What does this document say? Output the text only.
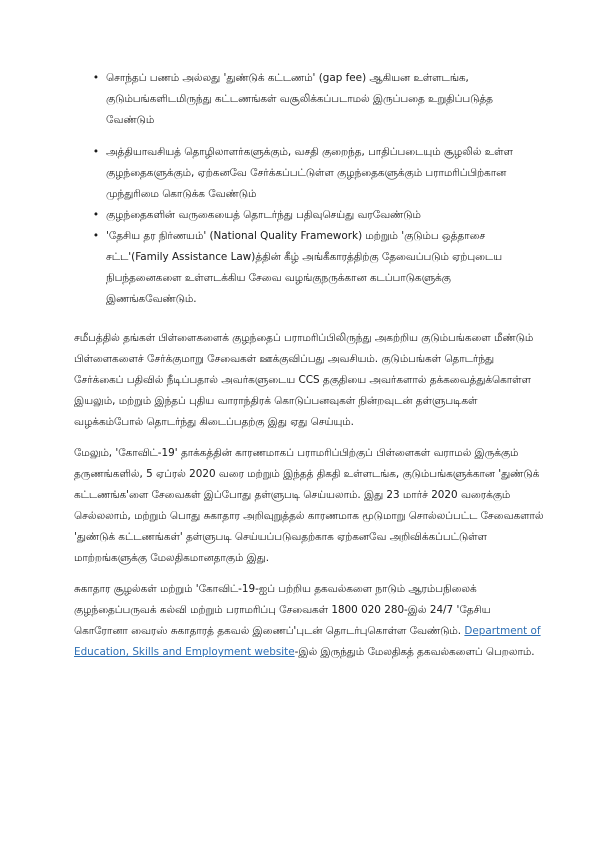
• சொந்தப் பணம் அல்லது 'துண்டுக் கட்டணம்' (gap fee) ஆகியன உள்ளடங்க, குடும்பங்களிடமிருந்து கட்டணங்கள் வசூலிக்கப்படாமல் இருப்பதை உறுதிப்படுத்த வேண்டும்
• அத்தியாவசியத் தொழிலாளர்களுக்கும், வசதி குறைந்த, பாதிப்படையும் சூழலில் உள்ள குழந்தைகளுக்கும், ஏற்கனவே சேர்க்கப்பட்டுள்ள குழந்தைகளுக்கும் பராமரிப்பிற்கான முந்துரிமை கொடுக்க வேண்டும்
• குழந்தைகளின் வருகையைத் தொடர்ந்து பதிவுசெய்து வரவேண்டும்
• 'தேசிய தர நிர்ணயம்' (National Quality Framework) மற்றும் 'குடும்ப ஒத்தாசை சட்ட'(Family Assistance Law)த்தின் கீழ் அங்கீகாரத்திற்கு தேவைப்படும் ஏற்புடைய நிபந்தனைகளை உள்ளடக்கிய சேவை வழங்குநருக்கான கடப்பாடுகளுக்கு இணங்கவேண்டும்.

சமீபத்தில் தங்கள் பிள்ளைகளைக் குழந்தைப் பராமரிப்பிலிருந்து அகற்றிய குடும்பங்களை மீண்டும் பிள்ளைகளைச் சேர்க்குமாறு சேவைகள் ஊக்குவிப்பது அவசியம். குடும்பங்கள் தொடர்ந்து சேர்க்கைப் பதிவில் நீடிப்பதால் அவர்களுடைய CCS தகுதியை அவர்களால் தக்கவைத்துக்கொள்ள இயலும், மற்றும் இந்தப் புதிய வாராந்திரக் கொடுப்பனவுகள் நின்றவுடன் தள்ளுபடிகள் வழக்கம்போல் தொடர்ந்து கிடைப்பதற்கு இது ஏது செய்யும்.

மேலும், 'கோவிட்-19' தாக்கத்தின் காரணமாகப் பராமரிப்பிற்குப் பிள்ளைகள் வராமல் இருக்கும் தருணங்களில், 5 ஏப்ரல் 2020 வரை மற்றும் இந்தத் திகதி உள்ளடங்க, குடும்பங்களுக்கான 'துண்டுக் கட்டணங்க'ளை சேவைகள் இப்போது தள்ளுபடி செய்யலாம். இது 23 மார்ச் 2020 வரைக்கும் செல்லலாம், மற்றும் பொது சுகாதார அறிவுறுத்தல் காரணமாக மூடுமாறு சொல்லப்பட்ட சேவைகளால் 'துண்டுக் கட்டணங்கள்' தள்ளுபடி செய்யப்படுவதற்காக ஏற்கனவே அறிவிக்கப்பட்டுள்ள மாற்றங்களுக்கு மேலதிகமானதாகும் இது.

சுகாதார சூழல்கள் மற்றும் 'கோவிட்-19-ஐப் பற்றிய தகவல்களை நாடும் ஆரம்பநிலைக் குழந்தைப்பருவக் கல்வி மற்றும் பராமரிப்பு சேவைகள் 1800 020 280-இல் 24/7 'தேசிய கொரோனா வைரஸ் சுகாதாரத் தகவல் இணைப்'புடன் தொடர்புகொள்ள வேண்டும். Department of Education, Skills and Employment website-இல் இருந்தும் மேலதிகத் தகவல்களைப் பெறலாம்.
